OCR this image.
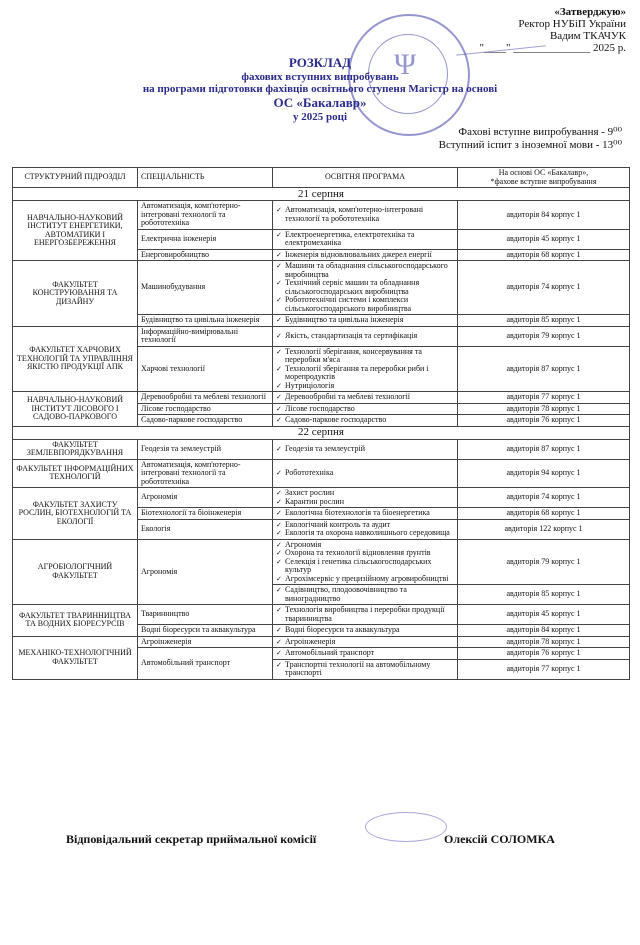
«Затверджую»
Ректор НУБіП України
Вадим ТКАЧУК
"____" ______________ 2025 р.
Ψ
РОЗКЛАД
фахових вступних випробувань
на програми підготовки фахівців освітнього ступеня Магістр на основі
ОС «Бакалавр»
у 2025 році
Фахові вступне випробування - 9⁰⁰
Вступний іспит з іноземної мови - 13⁰⁰
СТРУКТУРНИЙ ПІДРОЗДІЛ	СПЕЦІАЛЬНІСТЬ	ОСВІТНЯ ПРОГРАМА	На основі ОС «Бакалавр»,
*фахове вступне випробування
21 серпня			
НАВЧАЛЬНО-НАУКОВИЙ ІНСТИТУТ ЕНЕРГЕТИКИ, АВТОМАТИКИ І ЕНЕРГОЗБЕРЕЖЕННЯ	Автоматизація, комп'ютерно-інтегровані технології та робототехніка	✓ Автоматизація, комп'ютерно-інтегровані технології та робототехніка	авдиторія 84 корпус 1
	Електрична інженерія	✓ Електроенергетика, електротехніка та електромеханіка	авдиторія 45 корпус 1
	Енерговиробництво	✓ Інженерія відновлювальних джерел енергії	авдиторія 68 корпус 1
ФАКУЛЬТЕТ КОНСТРУЮВАННЯ ТА ДИЗАЙНУ	Машинобудування	✓ Машини та обладнання сільськогосподарського виробництва
✓ Технічний сервіс машин та обладнання сільськогосподарських виробництва
✓ Робототехнічні системи і комплекси сільськогосподарського виробництва	авдиторія 74 корпус 1
	Будівництво та цивільна інженерія	✓ Будівництво та цивільна інженерія	авдиторія 85 корпус 1
ФАКУЛЬТЕТ ХАРЧОВИХ ТЕХНОЛОГІЙ ТА УПРАВЛІННЯ ЯКІСТЮ ПРОДУКЦІЇ АПК	Інформаційно-вимірювальні технології	✓ Якість, стандартизація та сертифікація	авдиторія 79 корпус 1
	Харчові технології	✓ Технології зберігання, консервування та переробки м'яса
✓ Технології зберігання та переробки риби і морепродуктів
✓ Нутриціологія	авдиторія 87 корпус 1
НАВЧАЛЬНО-НАУКОВИЙ ІНСТИТУТ ЛІСОВОГО І САДОВО-ПАРКОВОГО	Деревообробні та меблеві технології	✓ Деревообробні та меблеві технології	авдиторія 77 корпус 1
	Лісове господарство	✓ Лісове господарство	авдиторія 78 корпус 1
	Садово-паркове господарство	✓ Садово-паркове господарство	авдиторія 76 корпус 1
22 серпня			
ФАКУЛЬТЕТ ЗЕМЛЕВПОРЯДКУВАННЯ	Геодезія та землеустрій	✓ Геодезія та землеустрій	авдиторія 87 корпус 1
ФАКУЛЬТЕТ ІНФОРМАЦІЙНИХ ТЕХНОЛОГІЙ	Автоматизація, комп'ютерно-інтегровані технології та робототехніка	✓ Робототехніка	авдиторія 94 корпус 1
ФАКУЛЬТЕТ ЗАХИСТУ РОСЛИН, БІОТЕХНОЛОГІЙ ТА ЕКОЛОГІЇ	Агрономія	✓ Захист рослин
✓ Карантин рослин	авдиторія 74 корпус 1
	Біотехнології та біоінженерія	✓ Екологічна біотехнологія та біоенергетика	авдиторія 68 корпус 1
	Екологія	✓ Екологічний контроль та аудит
✓ Екологія та охорона навколишнього середовища	авдиторія 122 корпус 1
АГРОБІОЛОГІЧНИЙ ФАКУЛЬТЕТ	Агрономія	✓ Агрономія
✓ Охорона та технології відновлення ґрунтів
✓ Селекція і генетика сільськогосподарських культур
✓ Агрохімсервіс у прецизійному агровиробництві	авдиторія 79 корпус 1

		✓ Садівництво, плодоовочівництво та виноградництво	авдиторія 85 корпус 1
ФАКУЛЬТЕТ ТВАРИННИЦТВА ТА ВОДНИХ БІОРЕСУРСІВ	Тваринництво	✓ Технологія виробництва і переробки продукції тваринництва	авдиторія 45 корпус 1
	Водні біоресурси та аквакультура	✓ Водні біоресурси та аквакультура	авдиторія 84 корпус 1
МЕХАНІКО-ТЕХНОЛОГІЧНИЙ ФАКУЛЬТЕТ	Агроінженерія	✓ Агроінженерія	авдиторія 78 корпус 1
	Автомобільний транспорт	✓ Автомобільний транспорт	авдиторія 76 корпус 1

		✓ Транспортні технології на автомобільному транспорті	авдиторія 77 корпус 1
Відповідальний секретар приймальної комісії	Олексій СОЛОМКА
